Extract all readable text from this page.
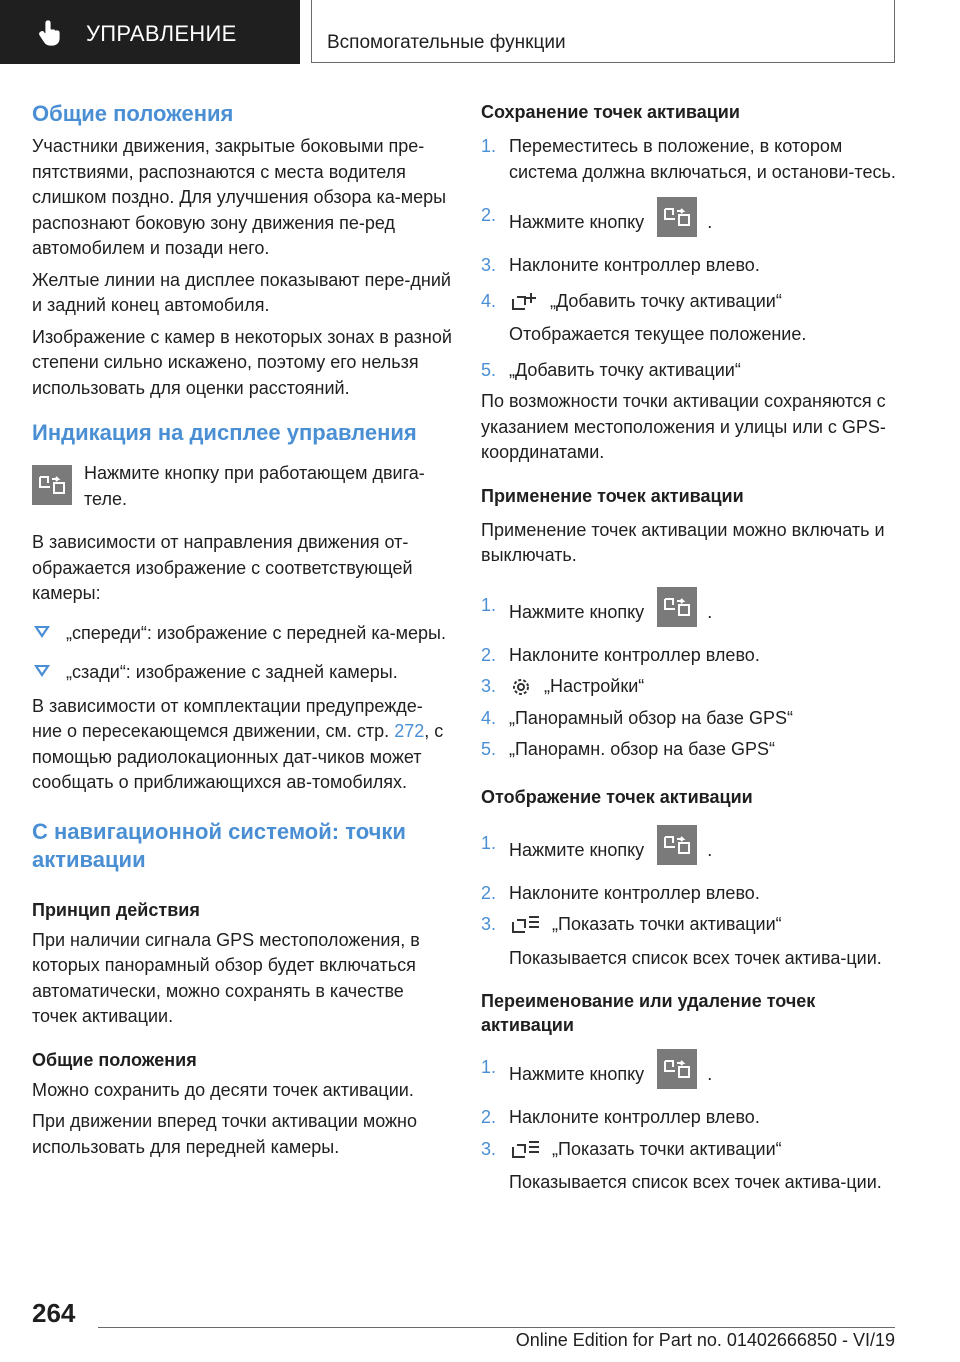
УПРАВЛЕНИЕ	Вспомогательные функции
Общие положения

Участники движения, закрытые боковыми пре-пятствиями, распознаются с места водителя слишком поздно. Для улучшения обзора ка-меры распознают боковую зону движения пе-ред автомобилем и позади него.

Желтые линии на дисплее показывают пере-дний и задний конец автомобиля.

Изображение с камер в некоторых зонах в разной степени сильно искажено, поэтому его нельзя использовать для оценки расстояний.

Индикация на дисплее управления

Нажмите кнопку при работающем двига-теле.

В зависимости от направления движения от-ображается изображение с соответствующей камеры:

„спереди“: изображение с передней ка-меры.

„сзади“: изображение с задней камеры.

В зависимости от комплектации предупрежде-ние о пересекающемся движении, см. стр. 272, с помощью радиолокационных дат-чиков может сообщать о приближающихся ав-томобилях.

С навигационной системой: точки активации
Принцип действия

При наличии сигнала GPS местоположения, в которых панорамный обзор будет включаться автоматически, можно сохранять в качестве точек активации.

Общие положения

Можно сохранить до десяти точек активации.

При движении вперед точки активации можно использовать для передней камеры.

Сохранение точек активации
1. Переместитесь в положение, в котором система должна включаться, и останови-тесь.
2. Нажмите кнопку	.
3. Наклоните контроллер влево.
4.	„Добавить точку активации“
Отображается текущее положение.
5. „Добавить точку активации“

По возможности точки активации сохраняются с указанием местоположения и улицы или с GPS-координатами.

Применение точек активации

Применение точек активации можно включать и выключать.

1. Нажмите кнопку	.
2. Наклоните контроллер влево.
3.	„Настройки“
4. „Панорамный обзор на базе GPS“
5. „Панорамн. обзор на базе GPS“
Отображение точек активации
1. Нажмите кнопку	.
2. Наклоните контроллер влево.
3.	„Показать точки активации“
Показывается список всех точек актива-ции.
Переименование или удаление точек активации
1. Нажмите кнопку	.
2. Наклоните контроллер влево.
3.	„Показать точки активации“
Показывается список всех точек актива-ции.
264
Online Edition for Part no. 01402666850 - VI/19
